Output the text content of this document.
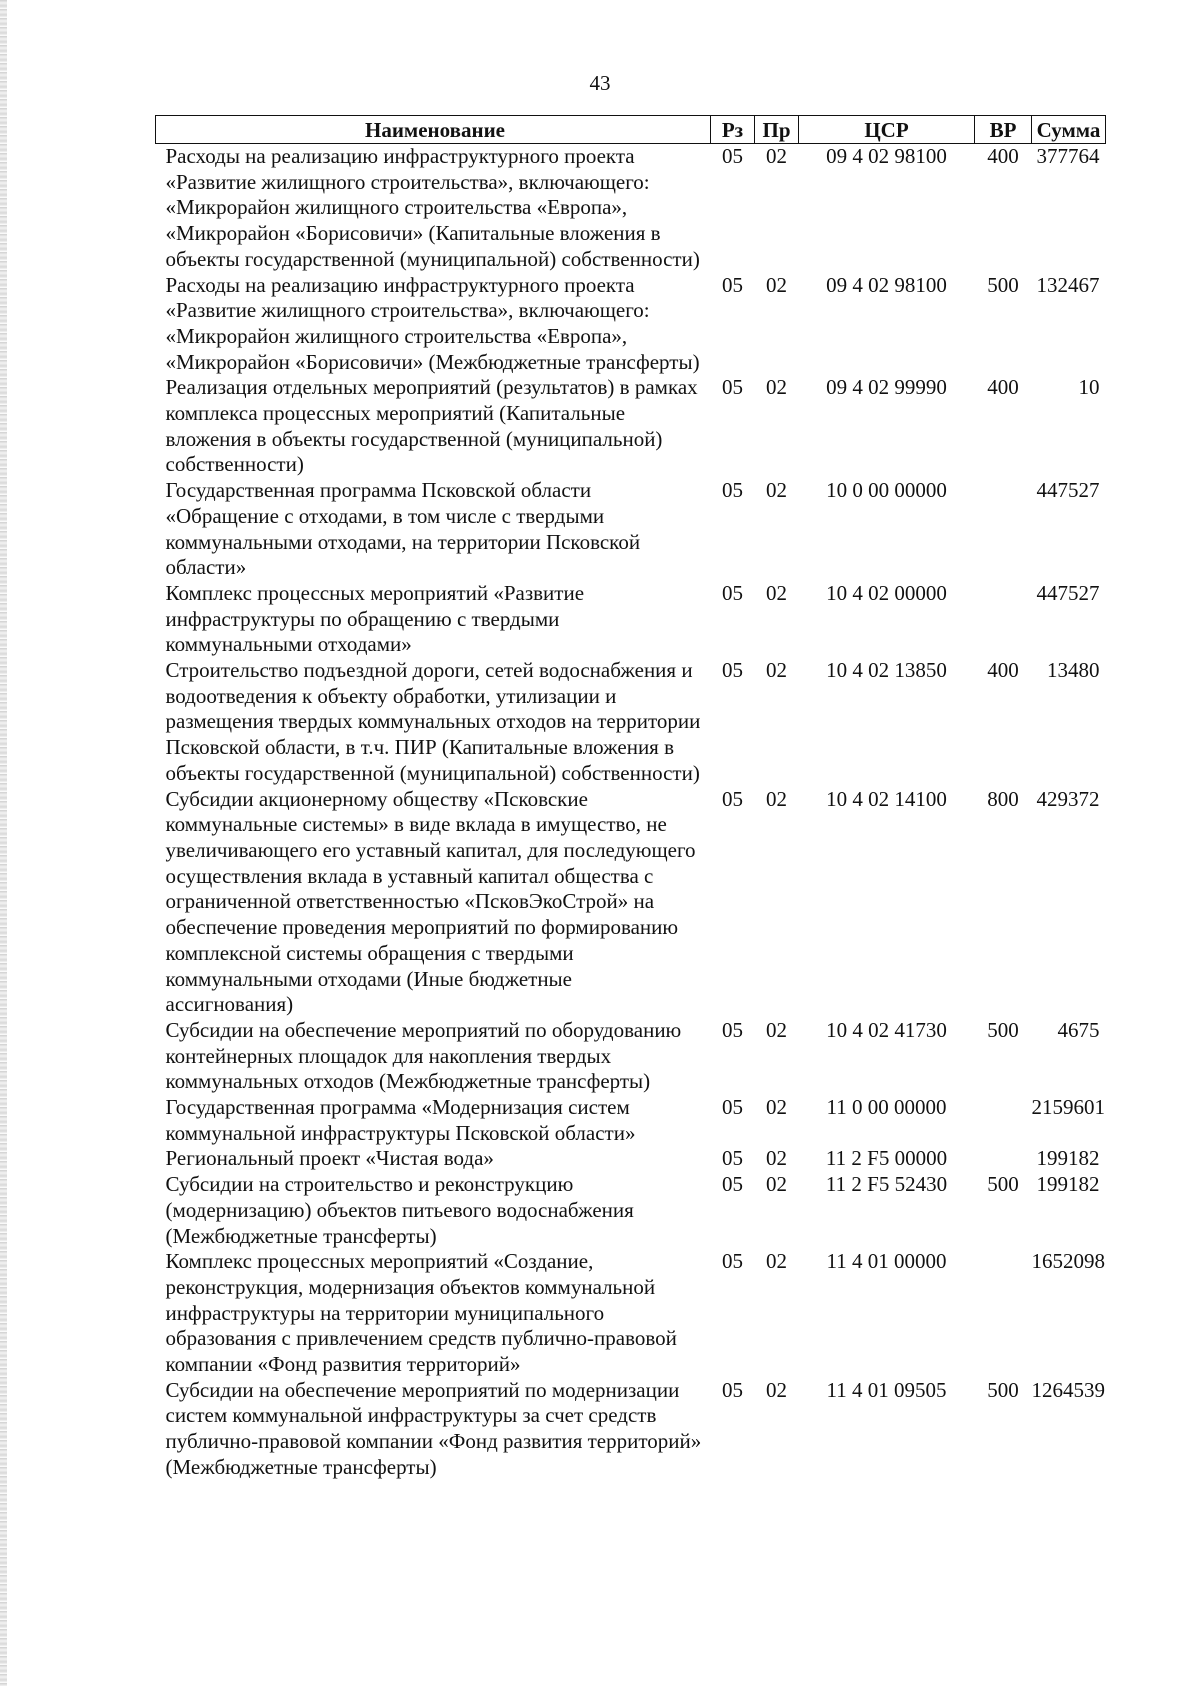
43
Наименование	Рз	Пр	ЦСР	ВР	Сумма
Расходы на реализацию инфраструктурного проекта «Развитие жилищного строительства», включающего: «Микрорайон жилищного строительства «Европа», «Микрорайон «Борисовичи» (Капитальные вложения в объекты государственной (муниципальной) собственности)	05	02	09 4 02 98100	400	377764
Расходы на реализацию инфраструктурного проекта «Развитие жилищного строительства», включающего: «Микрорайон жилищного строительства «Европа», «Микрорайон «Борисовичи» (Межбюджетные трансферты)	05	02	09 4 02 98100	500	132467
Реализация отдельных мероприятий (результатов) в рамках комплекса процессных мероприятий (Капитальные вложения в объекты государственной (муниципальной) собственности)	05	02	09 4 02 99990	400	10
Государственная программа Псковской области «Обращение с отходами, в том числе с твердыми коммунальными отходами, на территории Псковской области»	05	02	10 0 00 00000		447527
Комплекс процессных мероприятий «Развитие инфраструктуры по обращению с твердыми коммунальными отходами»	05	02	10 4 02 00000		447527
Строительство подъездной дороги, сетей водоснабжения и водоотведения к объекту обработки, утилизации и размещения твердых коммунальных отходов на территории Псковской области, в т.ч. ПИР (Капитальные вложения в объекты государственной (муниципальной) собственности)	05	02	10 4 02 13850	400	13480
Субсидии акционерному обществу «Псковские коммунальные системы» в виде вклада в имущество, не увеличивающего его уставный капитал, для последующего осуществления вклада в уставный капитал общества с ограниченной ответственностью «ПсковЭкоСтрой» на обеспечение проведения мероприятий по формированию комплексной системы обращения с твердыми коммунальными отходами (Иные бюджетные ассигнования)	05	02	10 4 02 14100	800	429372
Субсидии на обеспечение мероприятий по оборудованию контейнерных площадок для накопления твердых коммунальных отходов (Межбюджетные трансферты)	05	02	10 4 02 41730	500	4675
Государственная программа «Модернизация систем коммунальной инфраструктуры Псковской области»	05	02	11 0 00 00000		2159601
Региональный проект «Чистая вода»	05	02	11 2 F5 00000		199182
Субсидии на строительство и реконструкцию (модернизацию) объектов питьевого водоснабжения (Межбюджетные трансферты)	05	02	11 2 F5 52430	500	199182
Комплекс процессных мероприятий «Создание, реконструкция, модернизация объектов коммунальной инфраструктуры на территории муниципального образования с привлечением средств публично-правовой компании «Фонд развития территорий»	05	02	11 4 01 00000		1652098
Субсидии на обеспечение мероприятий по модернизации систем коммунальной инфраструктуры за счет средств публично-правовой компании «Фонд развития территорий» (Межбюджетные трансферты)	05	02	11 4 01 09505	500	1264539
